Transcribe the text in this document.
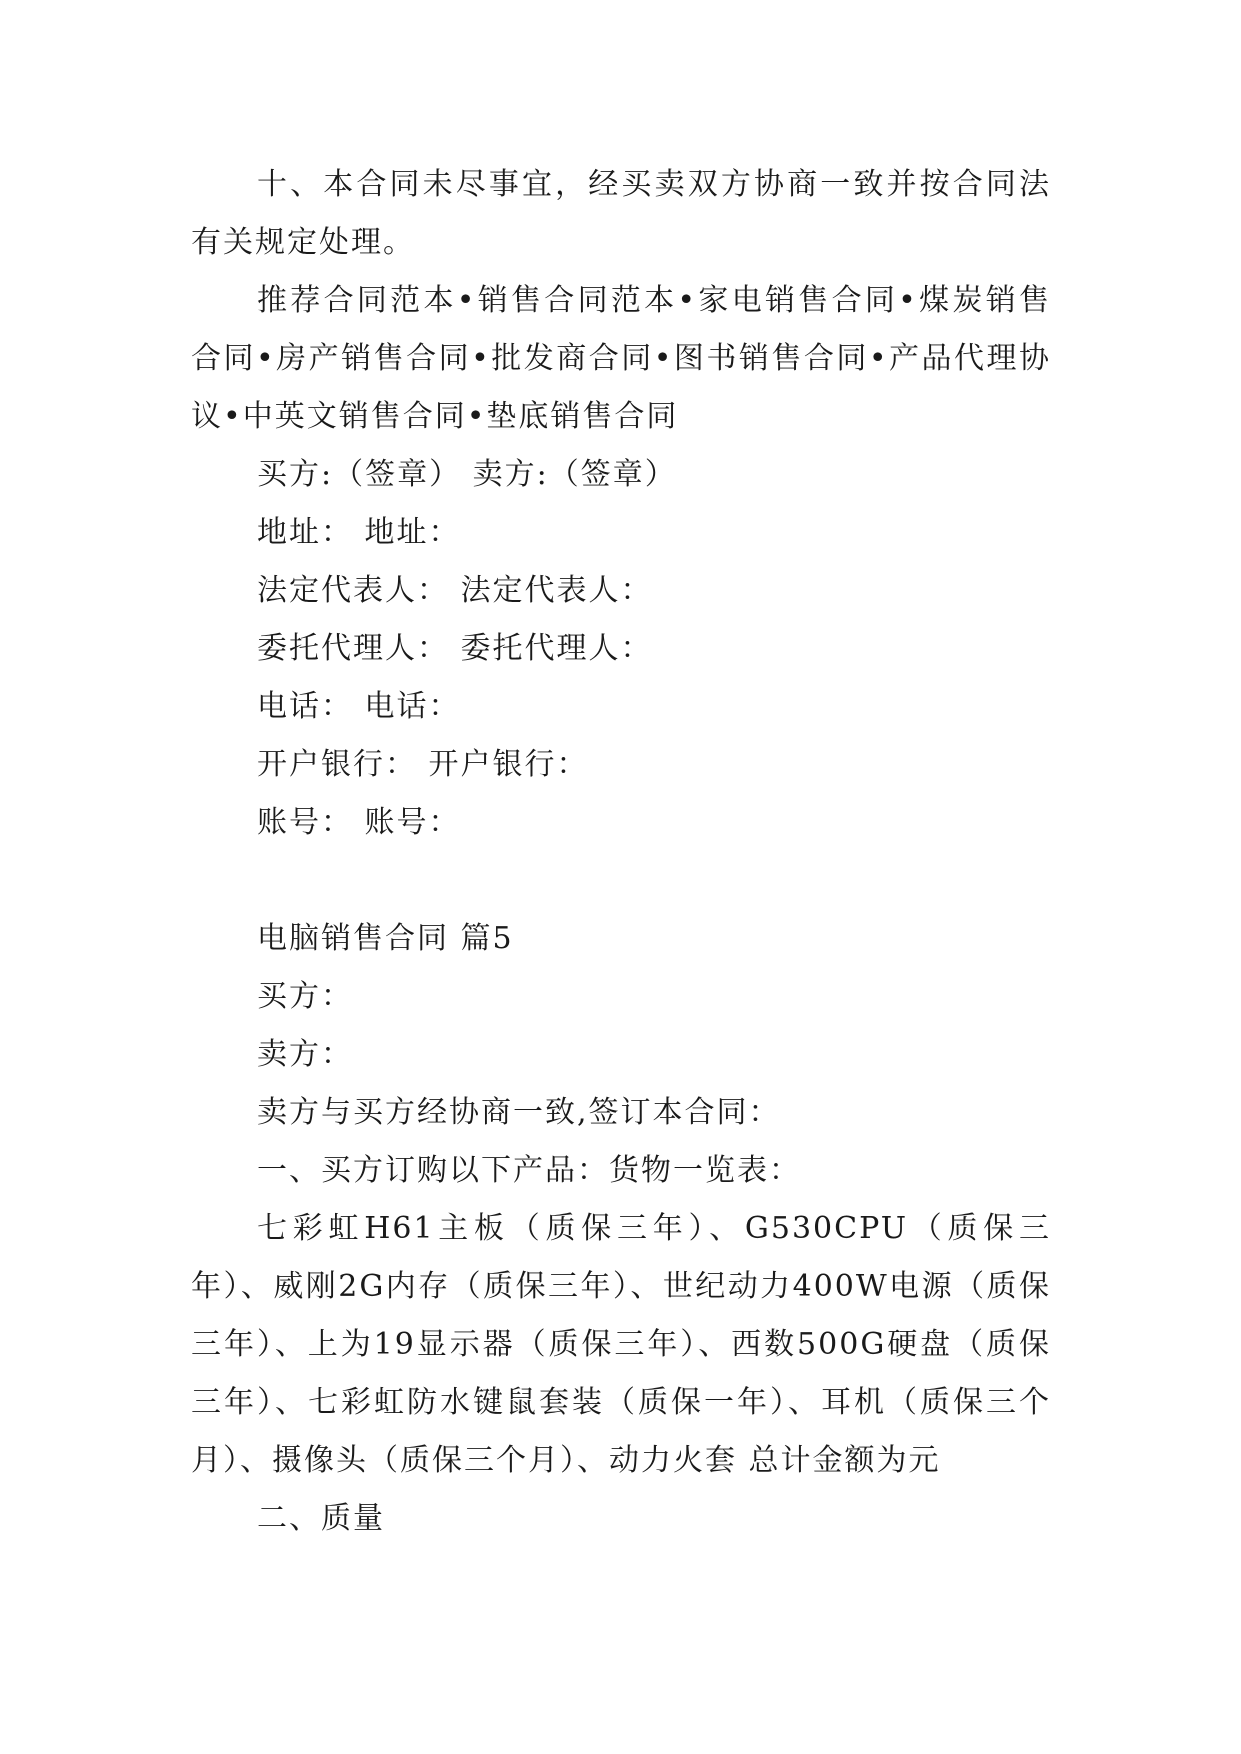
十、本合同未尽事宜，经买卖双方协商一致并按合同法有关规定处理。

推荐合同范本•销售合同范本•家电销售合同•煤炭销售合同•房产销售合同•批发商合同•图书销售合同•产品代理协议•中英文销售合同•垫底销售合同

买方:（签章） 卖方:（签章）

地址： 地址：

法定代表人： 法定代表人：

委托代理人： 委托代理人：

电话： 电话：

开户银行： 开户银行：

账号： 账号：

电脑销售合同 篇5

买方：

卖方：

卖方与买方经协商一致,签订本合同：

一、买方订购以下产品：货物一览表：

七彩虹H61主板（质保三年）、G530CPU（质保三年）、威刚2G内存（质保三年）、世纪动力400W电源（质保三年）、上为19显示器（质保三年）、西数500G硬盘（质保三年）、七彩虹防水键鼠套装（质保一年）、耳机（质保三个月）、摄像头（质保三个月）、动力火套 总计金额为元

二、质量
